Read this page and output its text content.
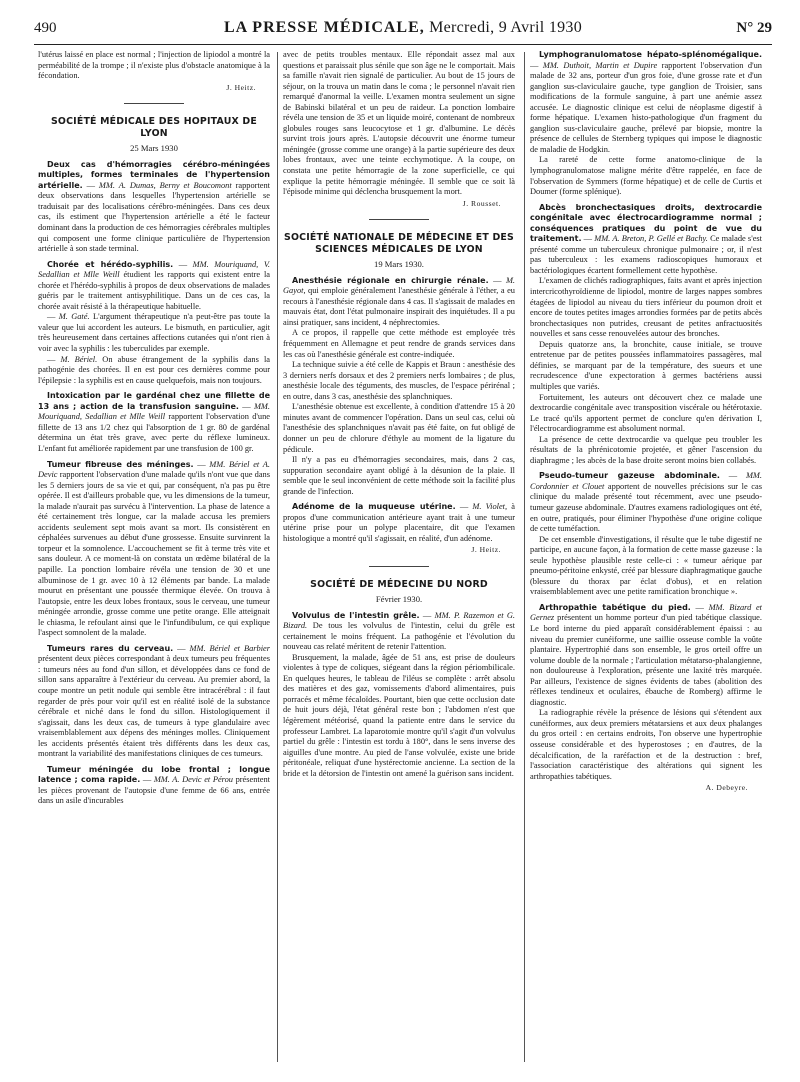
490	LA PRESSE MÉDICALE, Mercredi, 9 Avril 1930	N° 29

l'utérus laissé en place est normal ; l'injection de lipiodol a montré la perméabilité de la trompe ; il n'existe plus d'obstacle anatomique à la fécondation.

J. Heitz.
SOCIÉTÉ MÉDICALE DES HOPITAUX DE LYON
25 Mars 1930

Deux cas d'hémorragies cérébro-méningées multiples, formes terminales de l'hypertension artérielle. — MM. A. Dumas, Berny et Boucomont rapportent deux observations dans lesquelles l'hypertension artérielle se traduisait par des localisations cérébro-méningées. Dans ces deux cas, ils estiment que l'hypertension artérielle a été le facteur dominant dans la production de ces hémorragies cérébrales multiples qui composent une forme clinique particulière de l'hypertension artérielle à son stade terminal.

Chorée et hérédo-syphilis. — MM. Mouriquand, V. Sedallian et Mlle Weill étudient les rapports qui existent entre la chorée et l'hérédo-syphilis à propos de deux observations de malades guéris par le traitement antisyphilitique. Dans un de ces cas, la chorée avait résisté à la thérapeutique habituelle.

— M. Gaté. L'argument thérapeutique n'a peut-être pas toute la valeur que lui accordent les auteurs. Le bismuth, en particulier, agit très heureusement dans certaines affections cutanées qui n'ont rien à voir avec la syphilis : les tuberculides par exemple.

— M. Bériel. On abuse étrangement de la syphilis dans la pathogénie des chorées. Il en est pour ces dernières comme pour l'épilepsie : la syphilis est en cause quelquefois, mais non toujours.

Intoxication par le gardénal chez une fillette de 13 ans ; action de la transfusion sanguine. — MM. Mouriquand, Sedallian et Mlle Weill rapportent l'observation d'une fillette de 13 ans 1/2 chez qui l'absorption de 1 gr. 80 de gardénal détermina un état très grave, avec perte du réflexe lumineux. L'enfant fut améliorée rapidement par une transfusion de 100 gr.

Tumeur fibreuse des méninges. — MM. Bériel et A. Devic rapportent l'observation d'une malade qu'ils n'ont vue que dans les 5 derniers jours de sa vie et qui, par conséquent, n'a pas pu être opérée. Il est d'ailleurs probable que, vu les dimensions de la tumeur, la malade n'aurait pas survécu à l'intervention. La phase de latence a été certainement très longue, car la malade accusa les premiers accidents seulement sept mois avant sa mort. Ils consistèrent en céphalées survenues au début d'une grossesse. Ensuite survinrent la torpeur et la somnolence. L'accouchement se fit à terme très vite et sans douleur. A ce moment-là on constata un œdème bilatéral de la papille. La ponction lombaire révéla une tension de 30 et une albuminose de 1 gr. avec 10 à 12 éléments par bande. La malade mourut en présentant une poussée thermique élevée. On trouva à l'autopsie, entre les deux lobes frontaux, sous le cerveau, une tumeur méningée arrondie, grosse comme une petite orange. Elle atteignait le chiasma, le refoulant ainsi que le l'infundibulum, ce qui explique l'aspect somnolent de la malade.

Tumeurs rares du cerveau. — MM. Bériel et Barbier présentent deux pièces correspondant à deux tumeurs peu fréquentes : tumeurs nées au fond d'un sillon, et développées dans ce fond de sillon sans apparaître à l'extérieur du cerveau. Au premier abord, la coupe montre un petit nodule qui semble être intracérébral : il faut regarder de près pour voir qu'il est en réalité isolé de la substance cérébrale et niché dans le fond du sillon. Histologiquement il s'agissait, dans les deux cas, de tumeurs à type glandulaire avec vraisemblablement aux dépens des méninges molles. Cliniquement les accidents présentés étaient très différents dans les deux cas, montrant la variabilité des manifestations cliniques de ces tumeurs.

Tumeur méningée du lobe frontal ; longue latence ; coma rapide. — MM. A. Devic et Pérou présentent les pièces provenant de l'autopsie d'une femme de 66 ans, entrée dans un asile d'incurables

avec de petits troubles mentaux. Elle répondait assez mal aux questions et paraissait plus sénile que son âge ne le comportait. Mais sa famille n'avait rien signalé de particulier. Au bout de 15 jours de séjour, on la trouva un matin dans le coma ; le personnel n'avait rien remarqué d'anormal la veille. L'examen montra seulement un signe de Babinski bilatéral et un peu de raideur. La ponction lombaire révéla une tension de 35 et un liquide moiré, contenant de nombreux globules rouges sans leucocytose et 1 gr. d'albumine. Le décès survint trois jours après. L'autopsie découvrit une énorme tumeur méningée (grosse comme une orange) à la partie supérieure des deux lobes frontaux, avec une teinte ecchymotique. A la coupe, on constata une petite hémorragie de la zone superficielle, ce qui explique la petite hémorragie méningée. Il semble que ce soit là l'épisode minime qui déclencha brusquement la mort.

J. Rousset.
SOCIÉTÉ NATIONALE DE MÉDECINE ET DES SCIENCES MÉDICALES DE LYON
19 Mars 1930.

Anesthésie régionale en chirurgie rénale. — M. Gayot, qui emploie généralement l'anesthésie générale à l'éther, a eu recours à l'anesthésie régionale dans 4 cas. Il s'agissait de malades en mauvais état, dont l'état pulmonaire inspirait des inquiétudes. Il a pu ainsi pratiquer, sans incident, 4 néphrectomies.

A ce propos, il rappelle que cette méthode est employée très fréquemment en Allemagne et peut rendre de grands services dans les cas où l'anesthésie générale est contre-indiquée.

La technique suivie a été celle de Kappis et Braun : anesthésie des 3 derniers nerfs dorsaux et des 2 premiers nerfs lombaires ; de plus, anesthésie locale des téguments, des muscles, de l'espace périrénal ; en outre, dans 3 cas, anesthésie des splanchniques.

L'anesthésie obtenue est excellente, à condition d'attendre 15 à 20 minutes avant de commencer l'opération. Dans un seul cas, celui où l'anesthésie des splanchniques n'avait pas été faite, on fut obligé de donner un peu de chlorure d'éthyle au moment de la ligature du pédicule.

Il n'y a pas eu d'hémorragies secondaires, mais, dans 2 cas, suppuration secondaire ayant obligé à la désunion de la plaie. Il semble que le seul inconvénient de cette méthode soit la facilité plus grande de l'infection.

Adénome de la muqueuse utérine. — M. Violet, à propos d'une communication antérieure ayant trait à une tumeur utérine prise pour un polype placentaire, dit que l'examen histologique a montré qu'il s'agissait, en réalité, d'un adénome.

J. Heitz.
SOCIÉTÉ DE MÉDECINE DU NORD
Février 1930.

Volvulus de l'intestin grêle. — MM. P. Razemon et G. Bizard. De tous les volvulus de l'intestin, celui du grêle est certainement le moins fréquent. La pathogénie et l'évolution du nouveau cas relaté méritent de retenir l'attention.

Brusquement, la malade, âgée de 51 ans, est prise de douleurs violentes à type de coliques, siégeant dans la région périombilicale. En quelques heures, le tableau de l'iléus se complète : arrêt absolu des matières et des gaz, vomissements d'abord alimentaires, puis porracés et même fécaloïdes. Pourtant, bien que cette occlusion date de huit jours déjà, l'état général reste bon ; l'abdomen n'est que légèrement météorisé, quand la patiente entre dans le service du professeur Lambret. La laparotomie montre qu'il s'agit d'un volvulus partiel du grêle : l'intestin est tordu à 180°, dans le sens inverse des aiguilles d'une montre. Au pied de l'anse volvulée, existe une bride péritonéale, reliquat d'une hystérectomie ancienne. La section de la bride et la détorsion de l'intestin ont amené la guérison sans incident.

Lymphogranulomatose hépato-splénomégalique. — MM. Duthoit, Martin et Dupire rapportent l'observation d'un malade de 32 ans, porteur d'un gros foie, d'une grosse rate et d'un ganglion sus-claviculaire gauche, type ganglion de Troisier, sans modifications de la formule sanguine, à part une anémie assez accusée. Le diagnostic clinique est celui de néoplasme digestif à forme hépatique. L'examen histo-pathologique d'un fragment du ganglion sus-claviculaire gauche, prélevé par biopsie, montre la présence de cellules de Sternberg typiques qui impose le diagnostic de maladie de Hodgkin.

La rareté de cette forme anatomo-clinique de la lymphogranulomatose maligne mérite d'être rappelée, en face de l'observation de Symmers (forme hépatique) et de celle de Curtis et Doumer (forme splénique).

Abcès bronchectasiques droits, dextrocardie congénitale avec électrocardiogramme normal ; conséquences pratiques du point de vue du traitement. — MM. A. Breton, P. Gellé et Bachy. Ce malade s'est présenté comme un tuberculeux chronique pulmonaire ; or, il n'est pas tuberculeux : les examens radioscopiques humoraux et bactériologiques écartent formellement cette hypothèse.

L'examen de clichés radiographiques, faits avant et après injection intercricothyroïdienne de lipiodol, montre de larges nappes sombres étagées de lipiodol au niveau du tiers inférieur du poumon droit et encore de toutes petites images arrondies formées par de petits abcès bronchectasiques non putrides, creusant de petites anfractuosités nouvelles et sans cesse renouvelées autour des bronches.

Depuis quatorze ans, la bronchite, cause initiale, se trouve entretenue par de petites poussées inflammatoires passagères, mal définies, se marquant par de la température, des sueurs et une recrudescence d'une expectoration à germes bactériens aussi multiples que variés.

Fortuitement, les auteurs ont découvert chez ce malade une dextrocardie congénitale avec transposition viscérale ou hétérotaxie. Le tracé qu'ils apportent permet de conclure qu'en dérivation I, l'électrocardiogramme est absolument normal.

La présence de cette dextrocardie va quelque peu troubler les résultats de la phrénicotomie projetée, et gêner l'ascension du diaphragme ; les abcès de la base droite seront moins bien collabés.

Pseudo-tumeur gazeuse abdominale. — MM. Cordonnier et Clouet apportent de nouvelles précisions sur le cas clinique du malade présenté tout récemment, avec une pseudo-tumeur gazeuse abdominale. D'autres examens radiologiques ont été, en outre, pratiqués, pour éliminer l'hypothèse d'une origine colique de cette tuméfaction.

De cet ensemble d'investigations, il résulte que le tube digestif ne participe, en aucune façon, à la formation de cette masse gazeuse : la seule hypothèse plausible reste celle-ci : « tumeur aérique par pneumo-péritoine enkysté, créé par blessure diaphragmatique gauche (blessure du thorax par éclat d'obus), et en relation vraisemblablement avec une petite ramification bronchique ».

Arthropathie tabétique du pied. — MM. Bizard et Gernez présentent un homme porteur d'un pied tabétique classique. Le bord interne du pied apparaît considérablement épaissi : au niveau du premier cunéiforme, une saillie osseuse comble la voûte plantaire. Hypertrophié dans son ensemble, le gros orteil offre un volume double de la normale ; l'articulation métatarso-phalangienne, non douloureuse à l'exploration, présente une laxité très marquée. Par ailleurs, l'existence de signes évidents de tabes (abolition des réflexes tendineux et oculaires, ébauche de Romberg) affirme le diagnostic.

La radiographie révèle la présence de lésions qui s'étendent aux cunéiformes, aux deux premiers métatarsiens et aux deux phalanges du gros orteil : en certains endroits, l'on observe une hypertrophie osseuse considérable et des hyperostoses ; en d'autres, de la décalcification, de la raréfaction et de la destruction : bref, l'association caractéristique des altérations qui signent les arthropathies tabétiques.

A. Debeyre.
